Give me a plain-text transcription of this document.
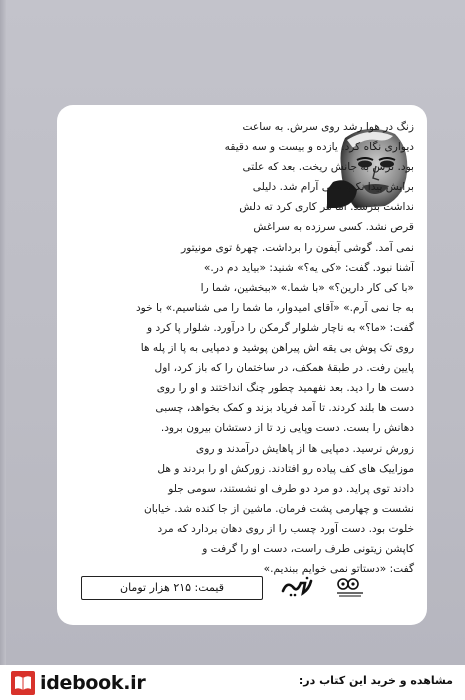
زنگ در هوا رشد روی سرش. به ساعت
دیواری نگاه کرد. یازده و بیست و سه دقیقه
بود. ترس به جانش ریخت. بعد که علتی
برایش پیدا نکرد کمی آرام شد. دلیلی
نداشت بترسد. اما هر کاری کرد ته دلش
قرص نشد. کسی سرزده به سراغش
نمی آمد. گوشی آیفون را برداشت. چهرهٔ توی مونیتور
آشنا نبود. گفت: «کی یه؟» شنید: «بیاید دم در.»
«با کی کار دارین؟» «با شما.» «ببخشین، شما را
به جا نمی آرم.» «آقای امیدوار، ما شما را می شناسیم.» با خود
گفت: «ما؟» به ناچار شلوار گرمکن را درآورد. شلوار پا کرد و
روی تک پوش بی یقه اش پیراهن پوشید و دمپایی به پا از پله ها
پایین رفت. در طبقهٔ همکف، در ساختمان را که باز کرد، اول
دست ها را دید. بعد نفهمید چطور چنگ انداختند و او را روی
دست ها بلند کردند. تا آمد فریاد بزند و کمک بخواهد، چسبی
دهانش را بست. دست وپایی زد تا از دستشان بیرون برود.
زورش نرسید. دمپایی ها از پاهایش درآمدند و روی
موزاییک های کف پیاده رو افتادند. زورکش او را بردند و هل
دادند توی پراید. دو مرد دو طرف او نشستند، سومی جلو
نشست و چهارمی پشت فرمان. ماشین از جا کنده شد. خیابان
خلوت بود. دست آورد چسب را از روی دهان بردارد که مرد
کاپشن زیتونی طرف راست، دست او را گرفت و
گفت: «دستاتو نمی خوایم ببندیم.»
قیمت: ۲۱۵ هزار تومان
idebook.ir	مشاهده و خرید این کتاب در:
